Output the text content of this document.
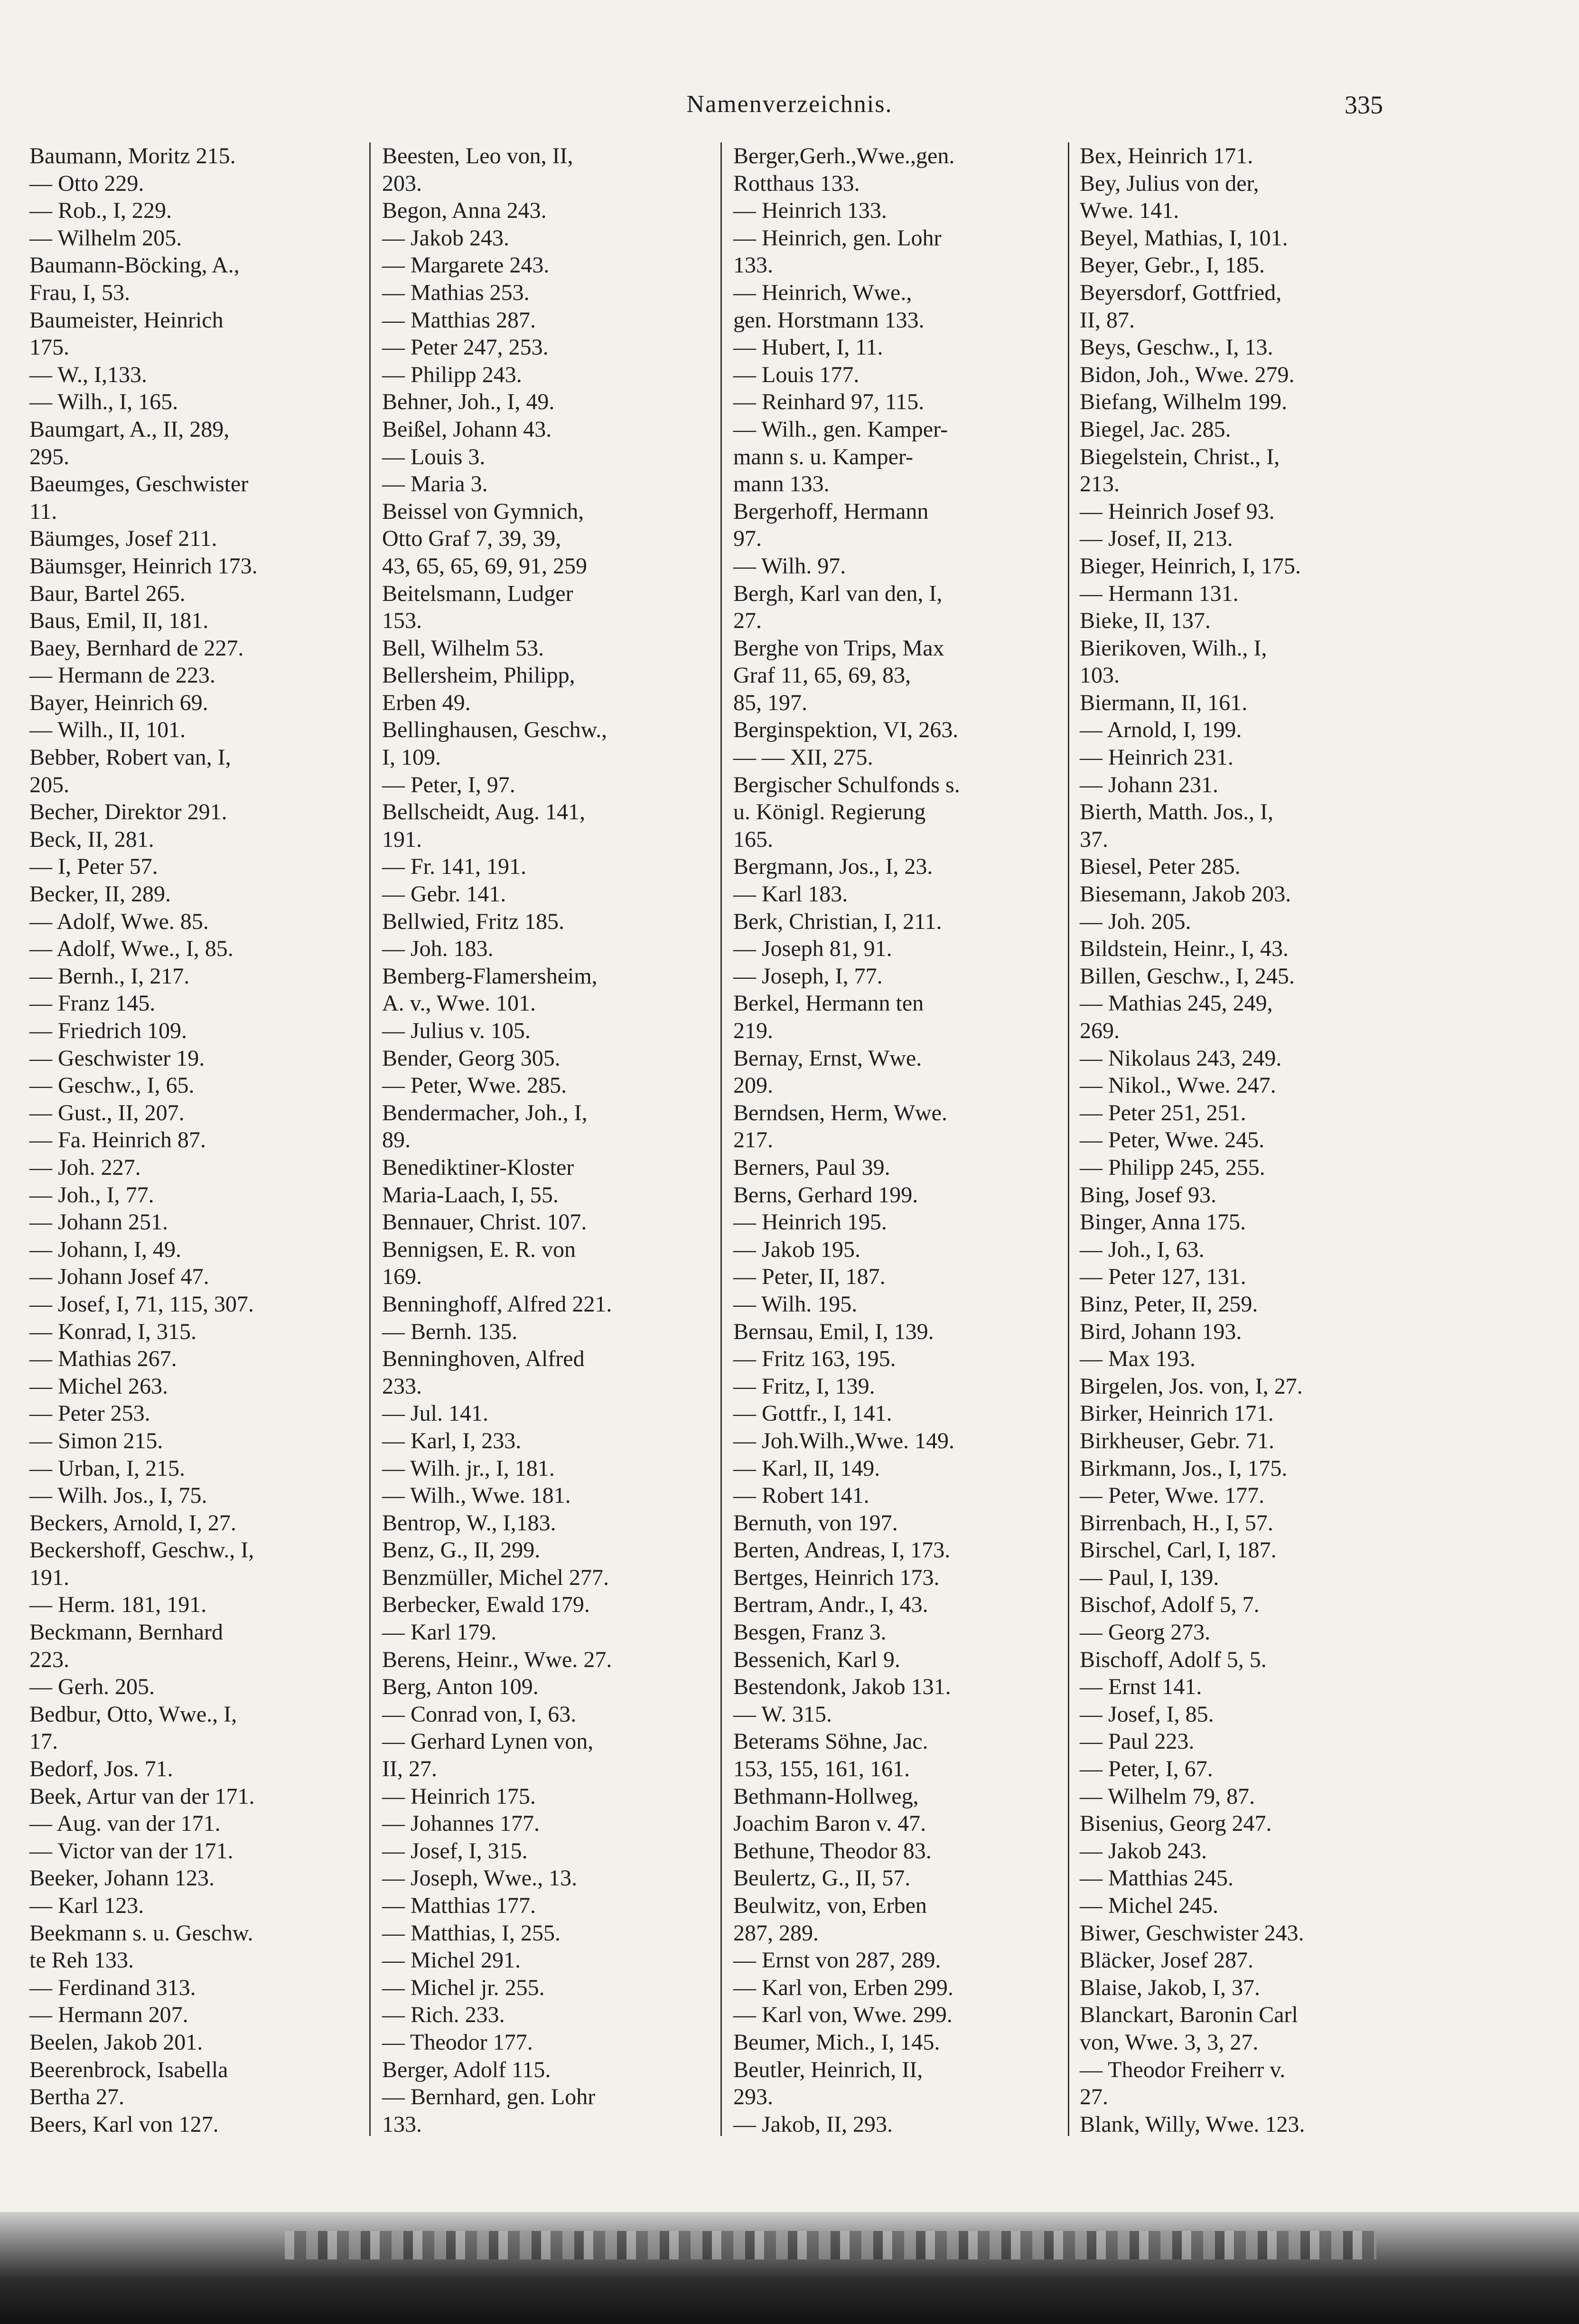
Namenverzeichnis.	335
Baumann, Moritz 215.
— Otto 229.
— Rob., I, 229.
— Wilhelm 205.
Baumann-Böcking, A.,
Frau, I, 53.
Baumeister, Heinrich
175.
— W., I,133.
— Wilh., I, 165.
Baumgart, A., II, 289,
295.
Baeumges, Geschwister
11.
Bäumges, Josef 211.
Bäumsger, Heinrich 173.
Baur, Bartel 265.
Baus, Emil, II, 181.
Baey, Bernhard de 227.
— Hermann de 223.
Bayer, Heinrich 69.
— Wilh., II, 101.
Bebber, Robert van, I,
205.
Becher, Direktor 291.
Beck, II, 281.
— I, Peter 57.
Becker, II, 289.
— Adolf, Wwe. 85.
— Adolf, Wwe., I, 85.
— Bernh., I, 217.
— Franz 145.
— Friedrich 109.
— Geschwister 19.
— Geschw., I, 65.
— Gust., II, 207.
— Fa. Heinrich 87.
— Joh. 227.
— Joh., I, 77.
— Johann 251.
— Johann, I, 49.
— Johann Josef 47.
— Josef, I, 71, 115, 307.
— Konrad, I, 315.
— Mathias 267.
— Michel 263.
— Peter 253.
— Simon 215.
— Urban, I, 215.
— Wilh. Jos., I, 75.
Beckers, Arnold, I, 27.
Beckershoff, Geschw., I,
191.
— Herm. 181, 191.
Beckmann, Bernhard
223.
— Gerh. 205.
Bedbur, Otto, Wwe., I,
17.
Bedorf, Jos. 71.
Beek, Artur van der 171.
— Aug. van der 171.
— Victor van der 171.
Beeker, Johann 123.
— Karl 123.
Beekmann s. u. Geschw.
te Reh 133.
— Ferdinand 313.
— Hermann 207.
Beelen, Jakob 201.
Beerenbrock, Isabella
Bertha 27.
Beers, Karl von 127.
Beesten, Leo von, II,
203.
Begon, Anna 243.
— Jakob 243.
— Margarete 243.
— Mathias 253.
— Matthias 287.
— Peter 247, 253.
— Philipp 243.
Behner, Joh., I, 49.
Beißel, Johann 43.
— Louis 3.
— Maria 3.
Beissel von Gymnich,
Otto Graf 7, 39, 39,
43, 65, 65, 69, 91, 259
Beitelsmann, Ludger
153.
Bell, Wilhelm 53.
Bellersheim, Philipp,
Erben 49.
Bellinghausen, Geschw.,
I, 109.
— Peter, I, 97.
Bellscheidt, Aug. 141,
191.
— Fr. 141, 191.
— Gebr. 141.
Bellwied, Fritz 185.
— Joh. 183.
Bemberg-Flamersheim,
A. v., Wwe. 101.
— Julius v. 105.
Bender, Georg 305.
— Peter, Wwe. 285.
Bendermacher, Joh., I,
89.
Benediktiner-Kloster
Maria-Laach, I, 55.
Bennauer, Christ. 107.
Bennigsen, E. R. von
169.
Benninghoff, Alfred 221.
— Bernh. 135.
Benninghoven, Alfred
233.
— Jul. 141.
— Karl, I, 233.
— Wilh. jr., I, 181.
— Wilh., Wwe. 181.
Bentrop, W., I,183.
Benz, G., II, 299.
Benzmüller, Michel 277.
Berbecker, Ewald 179.
— Karl 179.
Berens, Heinr., Wwe. 27.
Berg, Anton 109.
— Conrad von, I, 63.
— Gerhard Lynen von,
II, 27.
— Heinrich 175.
— Johannes 177.
— Josef, I, 315.
— Joseph, Wwe., 13.
— Matthias 177.
— Matthias, I, 255.
— Michel 291.
— Michel jr. 255.
— Rich. 233.
— Theodor 177.
Berger, Adolf 115.
— Bernhard, gen. Lohr
133.
Berger,Gerh.,Wwe.,gen.
Rotthaus 133.
— Heinrich 133.
— Heinrich, gen. Lohr
133.
— Heinrich, Wwe.,
gen. Horstmann 133.
— Hubert, I, 11.
— Louis 177.
— Reinhard 97, 115.
— Wilh., gen. Kamper-
mann s. u. Kamper-
mann 133.
Bergerhoff, Hermann
97.
— Wilh. 97.
Bergh, Karl van den, I,
27.
Berghe von Trips, Max
Graf 11, 65, 69, 83,
85, 197.
Berginspektion, VI, 263.
— — XII, 275.
Bergischer Schulfonds s.
u. Königl. Regierung
165.
Bergmann, Jos., I, 23.
— Karl 183.
Berk, Christian, I, 211.
— Joseph 81, 91.
— Joseph, I, 77.
Berkel, Hermann ten
219.
Bernay, Ernst, Wwe.
209.
Berndsen, Herm, Wwe.
217.
Berners, Paul 39.
Berns, Gerhard 199.
— Heinrich 195.
— Jakob 195.
— Peter, II, 187.
— Wilh. 195.
Bernsau, Emil, I, 139.
— Fritz 163, 195.
— Fritz, I, 139.
— Gottfr., I, 141.
— Joh.Wilh.,Wwe. 149.
— Karl, II, 149.
— Robert 141.
Bernuth, von 197.
Berten, Andreas, I, 173.
Bertges, Heinrich 173.
Bertram, Andr., I, 43.
Besgen, Franz 3.
Bessenich, Karl 9.
Bestendonk, Jakob 131.
— W. 315.
Beterams Söhne, Jac.
153, 155, 161, 161.
Bethmann-Hollweg,
Joachim Baron v. 47.
Bethune, Theodor 83.
Beulertz, G., II, 57.
Beulwitz, von, Erben
287, 289.
— Ernst von 287, 289.
— Karl von, Erben 299.
— Karl von, Wwe. 299.
Beumer, Mich., I, 145.
Beutler, Heinrich, II,
293.
— Jakob, II, 293.
Bex, Heinrich 171.
Bey, Julius von der,
Wwe. 141.
Beyel, Mathias, I, 101.
Beyer, Gebr., I, 185.
Beyersdorf, Gottfried,
II, 87.
Beys, Geschw., I, 13.
Bidon, Joh., Wwe. 279.
Biefang, Wilhelm 199.
Biegel, Jac. 285.
Biegelstein, Christ., I,
213.
— Heinrich Josef 93.
— Josef, II, 213.
Bieger, Heinrich, I, 175.
— Hermann 131.
Bieke, II, 137.
Bierikoven, Wilh., I,
103.
Biermann, II, 161.
— Arnold, I, 199.
— Heinrich 231.
— Johann 231.
Bierth, Matth. Jos., I,
37.
Biesel, Peter 285.
Biesemann, Jakob 203.
— Joh. 205.
Bildstein, Heinr., I, 43.
Billen, Geschw., I, 245.
— Mathias 245, 249,
269.
— Nikolaus 243, 249.
— Nikol., Wwe. 247.
— Peter 251, 251.
— Peter, Wwe. 245.
— Philipp 245, 255.
Bing, Josef 93.
Binger, Anna 175.
— Joh., I, 63.
— Peter 127, 131.
Binz, Peter, II, 259.
Bird, Johann 193.
— Max 193.
Birgelen, Jos. von, I, 27.
Birker, Heinrich 171.
Birkheuser, Gebr. 71.
Birkmann, Jos., I, 175.
— Peter, Wwe. 177.
Birrenbach, H., I, 57.
Birschel, Carl, I, 187.
— Paul, I, 139.
Bischof, Adolf 5, 7.
— Georg 273.
Bischoff, Adolf 5, 5.
— Ernst 141.
— Josef, I, 85.
— Paul 223.
— Peter, I, 67.
— Wilhelm 79, 87.
Bisenius, Georg 247.
— Jakob 243.
— Matthias 245.
— Michel 245.
Biwer, Geschwister 243.
Bläcker, Josef 287.
Blaise, Jakob, I, 37.
Blanckart, Baronin Carl
von, Wwe. 3, 3, 27.
— Theodor Freiherr v.
27.
Blank, Willy, Wwe. 123.
